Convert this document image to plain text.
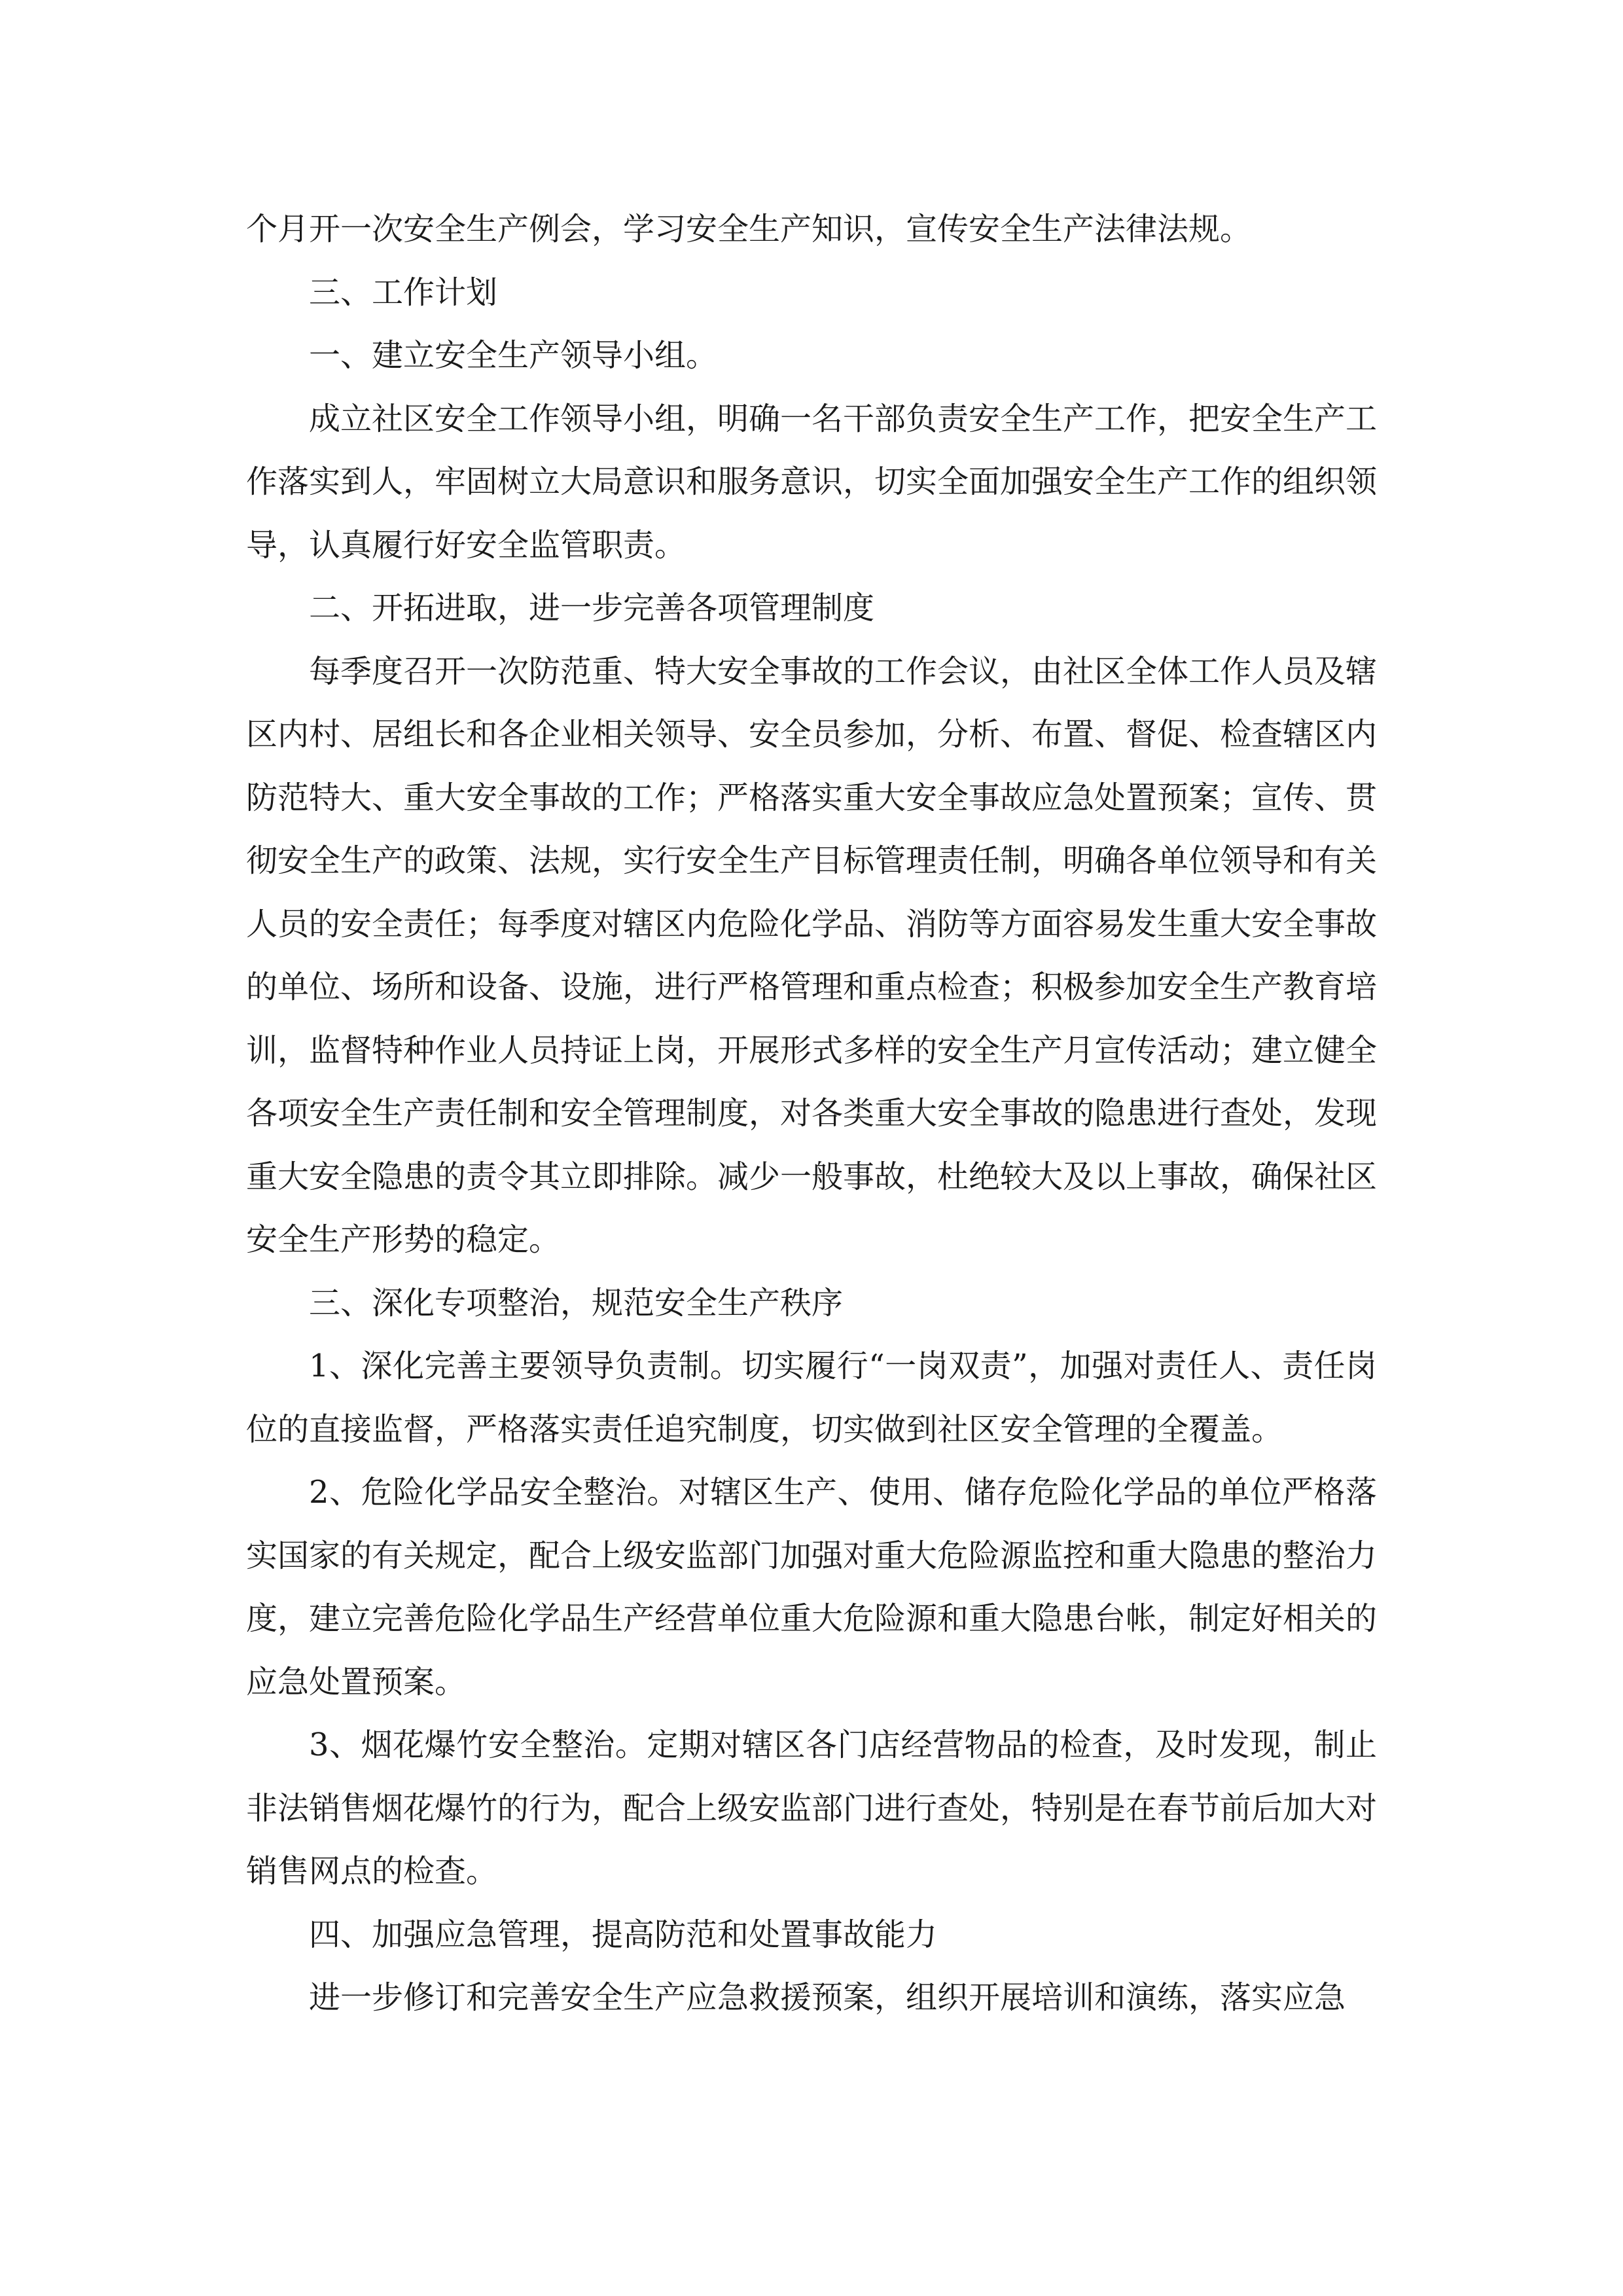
个月开一次安全生产例会，学习安全生产知识，宣传安全生产法律法规。

三、工作计划

一、建立安全生产领导小组。

成立社区安全工作领导小组，明确一名干部负责安全生产工作，把安全生产工作落实到人，牢固树立大局意识和服务意识，切实全面加强安全生产工作的组织领导，认真履行好安全监管职责。

二、开拓进取，进一步完善各项管理制度

每季度召开一次防范重、特大安全事故的工作会议，由社区全体工作人员及辖区内村、居组长和各企业相关领导、安全员参加，分析、布置、督促、检查辖区内防范特大、重大安全事故的工作；严格落实重大安全事故应急处置预案；宣传、贯彻安全生产的政策、法规，实行安全生产目标管理责任制，明确各单位领导和有关人员的安全责任；每季度对辖区内危险化学品、消防等方面容易发生重大安全事故的单位、场所和设备、设施，进行严格管理和重点检查；积极参加安全生产教育培训，监督特种作业人员持证上岗，开展形式多样的安全生产月宣传活动；建立健全各项安全生产责任制和安全管理制度，对各类重大安全事故的隐患进行查处，发现重大安全隐患的责令其立即排除。减少一般事故，杜绝较大及以上事故，确保社区安全生产形势的稳定。

三、深化专项整治，规范安全生产秩序

1、深化完善主要领导负责制。切实履行“一岗双责”，加强对责任人、责任岗位的直接监督，严格落实责任追究制度，切实做到社区安全管理的全覆盖。

2、危险化学品安全整治。对辖区生产、使用、储存危险化学品的单位严格落实国家的有关规定，配合上级安监部门加强对重大危险源监控和重大隐患的整治力度，建立完善危险化学品生产经营单位重大危险源和重大隐患台帐，制定好相关的应急处置预案。

3、烟花爆竹安全整治。定期对辖区各门店经营物品的检查，及时发现，制止非法销售烟花爆竹的行为，配合上级安监部门进行查处，特别是在春节前后加大对销售网点的检查。

四、加强应急管理，提高防范和处置事故能力

进一步修订和完善安全生产应急救援预案，组织开展培训和演练，落实应急
